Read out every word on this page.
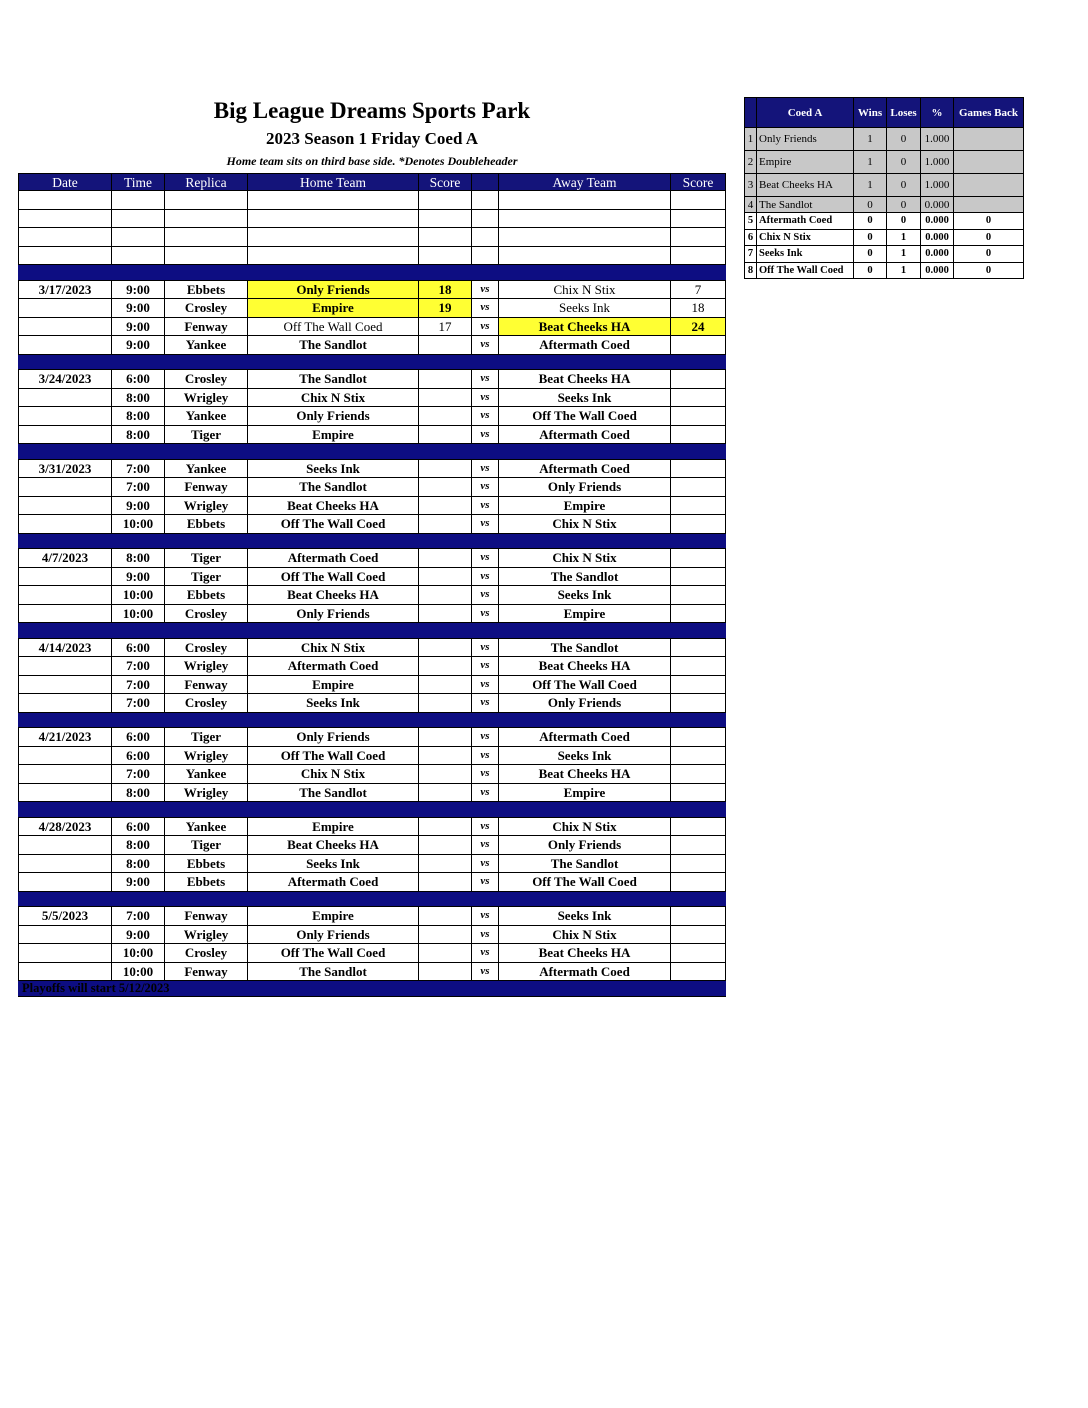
Big League Dreams Sports Park
2023 Season 1 Friday Coed A
Home team sits on third base side. *Denotes Doubleheader
Date	Time	Replica	Home Team	Score		Away Team	Score

3/17/2023	9:00	Ebbets	Only Friends	18	vs	Chix N Stix	7
	9:00	Crosley	Empire	19	vs	Seeks Ink	18
	9:00	Fenway	Off The Wall Coed	17	vs	Beat Cheeks HA	24
	9:00	Yankee	The Sandlot		vs	Aftermath Coed	

3/24/2023	6:00	Crosley	The Sandlot		vs	Beat Cheeks HA	
	8:00	Wrigley	Chix N Stix		vs	Seeks Ink	
	8:00	Yankee	Only Friends		vs	Off The Wall Coed	
	8:00	Tiger	Empire		vs	Aftermath Coed	

3/31/2023	7:00	Yankee	Seeks Ink		vs	Aftermath Coed	
	7:00	Fenway	The Sandlot		vs	Only Friends	
	9:00	Wrigley	Beat Cheeks HA		vs	Empire	
	10:00	Ebbets	Off The Wall Coed		vs	Chix N Stix	

4/7/2023	8:00	Tiger	Aftermath Coed		vs	Chix N Stix	
	9:00	Tiger	Off The Wall Coed		vs	The Sandlot	
	10:00	Ebbets	Beat Cheeks HA		vs	Seeks Ink	
	10:00	Crosley	Only Friends		vs	Empire	

4/14/2023	6:00	Crosley	Chix N Stix		vs	The Sandlot	
	7:00	Wrigley	Aftermath Coed		vs	Beat Cheeks HA	
	7:00	Fenway	Empire		vs	Off The Wall Coed	
	7:00	Crosley	Seeks Ink		vs	Only Friends	

4/21/2023	6:00	Tiger	Only Friends		vs	Aftermath Coed	
	6:00	Wrigley	Off The Wall Coed		vs	Seeks Ink	
	7:00	Yankee	Chix N Stix		vs	Beat Cheeks HA	
	8:00	Wrigley	The Sandlot		vs	Empire	

4/28/2023	6:00	Yankee	Empire		vs	Chix N Stix	
	8:00	Tiger	Beat Cheeks HA		vs	Only Friends	
	8:00	Ebbets	Seeks Ink		vs	The Sandlot	
	9:00	Ebbets	Aftermath Coed		vs	Off The Wall Coed	

5/5/2023	7:00	Fenway	Empire		vs	Seeks Ink	
	9:00	Wrigley	Only Friends		vs	Chix N Stix	
	10:00	Crosley	Off The Wall Coed		vs	Beat Cheeks HA	
	10:00	Fenway	The Sandlot		vs	Aftermath Coed	

	Coed A	Wins	Loses	%	Games Back
1	Only Friends	1	0	1.000	
2	Empire	1	0	1.000	
3	Beat Cheeks HA	1	0	1.000	
4	The Sandlot	0	0	0.000	
5	Aftermath Coed	0	0	0.000	0
6	Chix N Stix	0	1	0.000	0
7	Seeks Ink	0	1	0.000	0
8	Off The Wall Coed	0	1	0.000	0
Playoffs will start 5/12/2023
